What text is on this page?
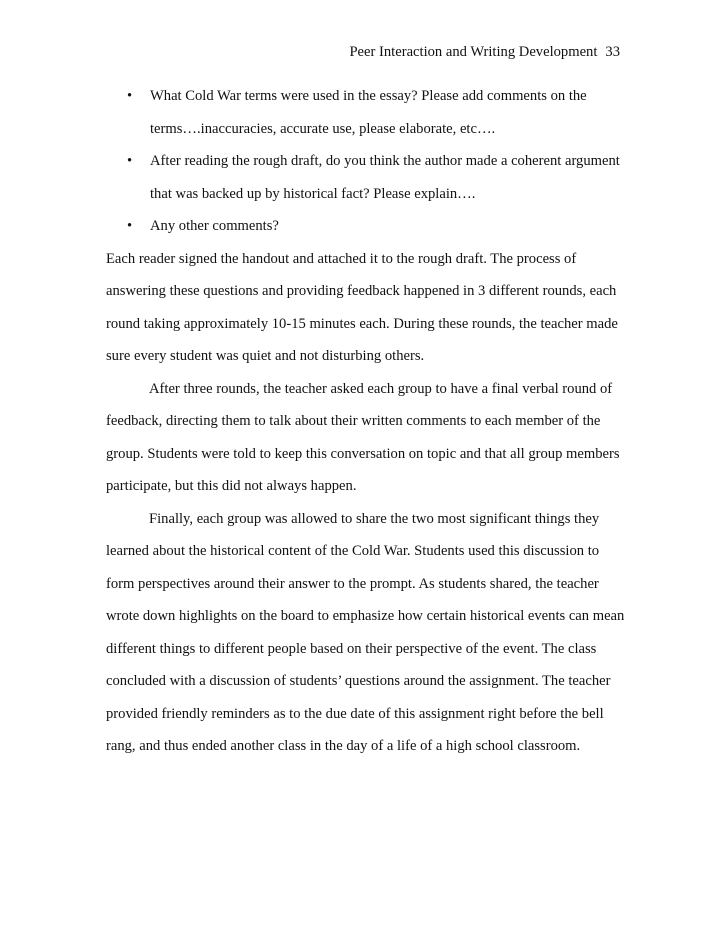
Peer Interaction and Writing Development 33
• What Cold War terms were used in the essay? Please add comments on the
terms….inaccuracies, accurate use, please elaborate, etc….
• After reading the rough draft, do you think the author made a coherent argument
that was backed up by historical fact? Please explain….
• Any other comments?
Each reader signed the handout and attached it to the rough draft. The process of
answering these questions and providing feedback happened in 3 different rounds, each
round taking approximately 10-15 minutes each. During these rounds, the teacher made
sure every student was quiet and not disturbing others.
After three rounds, the teacher asked each group to have a final verbal round of
feedback, directing them to talk about their written comments to each member of the
group. Students were told to keep this conversation on topic and that all group members
participate, but this did not always happen.
Finally, each group was allowed to share the two most significant things they
learned about the historical content of the Cold War. Students used this discussion to
form perspectives around their answer to the prompt. As students shared, the teacher
wrote down highlights on the board to emphasize how certain historical events can mean
different things to different people based on their perspective of the event. The class
concluded with a discussion of students’ questions around the assignment. The teacher
provided friendly reminders as to the due date of this assignment right before the bell
rang, and thus ended another class in the day of a life of a high school classroom.
